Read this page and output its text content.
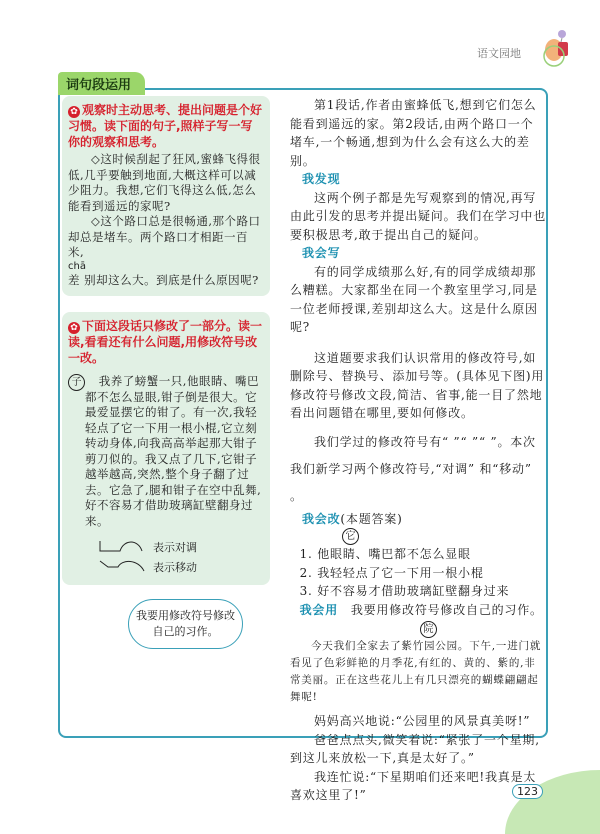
语文园地
词句段运用
✿ 观察时主动思考、提出问题是个好习惯。读下面的句子,照样子写一写你的观察和思考。

◇这时候刮起了狂风,蜜蜂飞得很低,几乎要触到地面,大概这样可以减少阻力。我想,它们飞得这么低,怎么能看到遥远的家呢?

◇这个路口总是很畅通,那个路口却总是堵车。两个路口才相距一百米,

chā

差 别却这么大。到底是什么原因呢?

✿ 下面这段话只修改了一部分。读一读,看看还有什么问题,用修改符号改一改。
子	我养了螃蟹一只,他眼睛、嘴巴都不怎么显眼,钳子倒是很大。它最爱显摆它的钳了。有一次,我轻轻点了它一下用一根小棍,它立刻转动身体,向我高高举起那大钳子剪刀似的。我又点了几下,它钳子越举越高,突然,整个身子翻了过去。它急了,腿和钳子在空中乱舞,好不容易才借助玻璃缸壁翻身过来。

表示对调
表示移动
我要用修改符号修改自己的习作。

第1段话,作者由蜜蜂低飞,想到它们怎么能看到遥远的家。第2段话,由两个路口一个堵车,一个畅通,想到为什么会有这么大的差别。

我发现

这两个例子都是先写观察到的情况,再写由此引发的思考并提出疑问。我们在学习中也要积极思考,敢于提出自己的疑问。

我会写

有的同学成绩那么好,有的同学成绩却那么糟糕。大家都坐在同一个教室里学习,同是一位老师授课,差别却这么大。这是什么原因呢?

这道题要求我们认识常用的修改符号,如删除号、替换号、添加号等。(具体见下图)用修改符号修改文段,简洁、省事,能一目了然地看出问题错在哪里,要如何修改。

我们学过的修改符号有“ ”“ ”“ ”。本次我们新学习两个修改符号,“对调” 和“移动” 。

我会改(本题答案)

它

1. 他眼睛、嘴巴都不怎么显眼

2. 我轻轻点了它一下用一根小棍

3. 好不容易才借助玻璃缸壁翻身过来

我会用　 我要用修改符号修改自己的习作。

院

今天我们全家去了紫竹园公园。下午,一进门就看见了色彩鲜艳的月季花,有红的、黄的、紫的,非常美丽。正在这些花儿上有几只漂亮的蝴蝶翩翩起舞呢!

妈妈高兴地说:“公园里的风景真美呀!”

爸爸点点头,微笑着说:“紧张了一个星期,到这儿来放松一下,真是太好了。”

我连忙说:“下星期咱们还来吧!我真是太喜欢这里了!”	123
